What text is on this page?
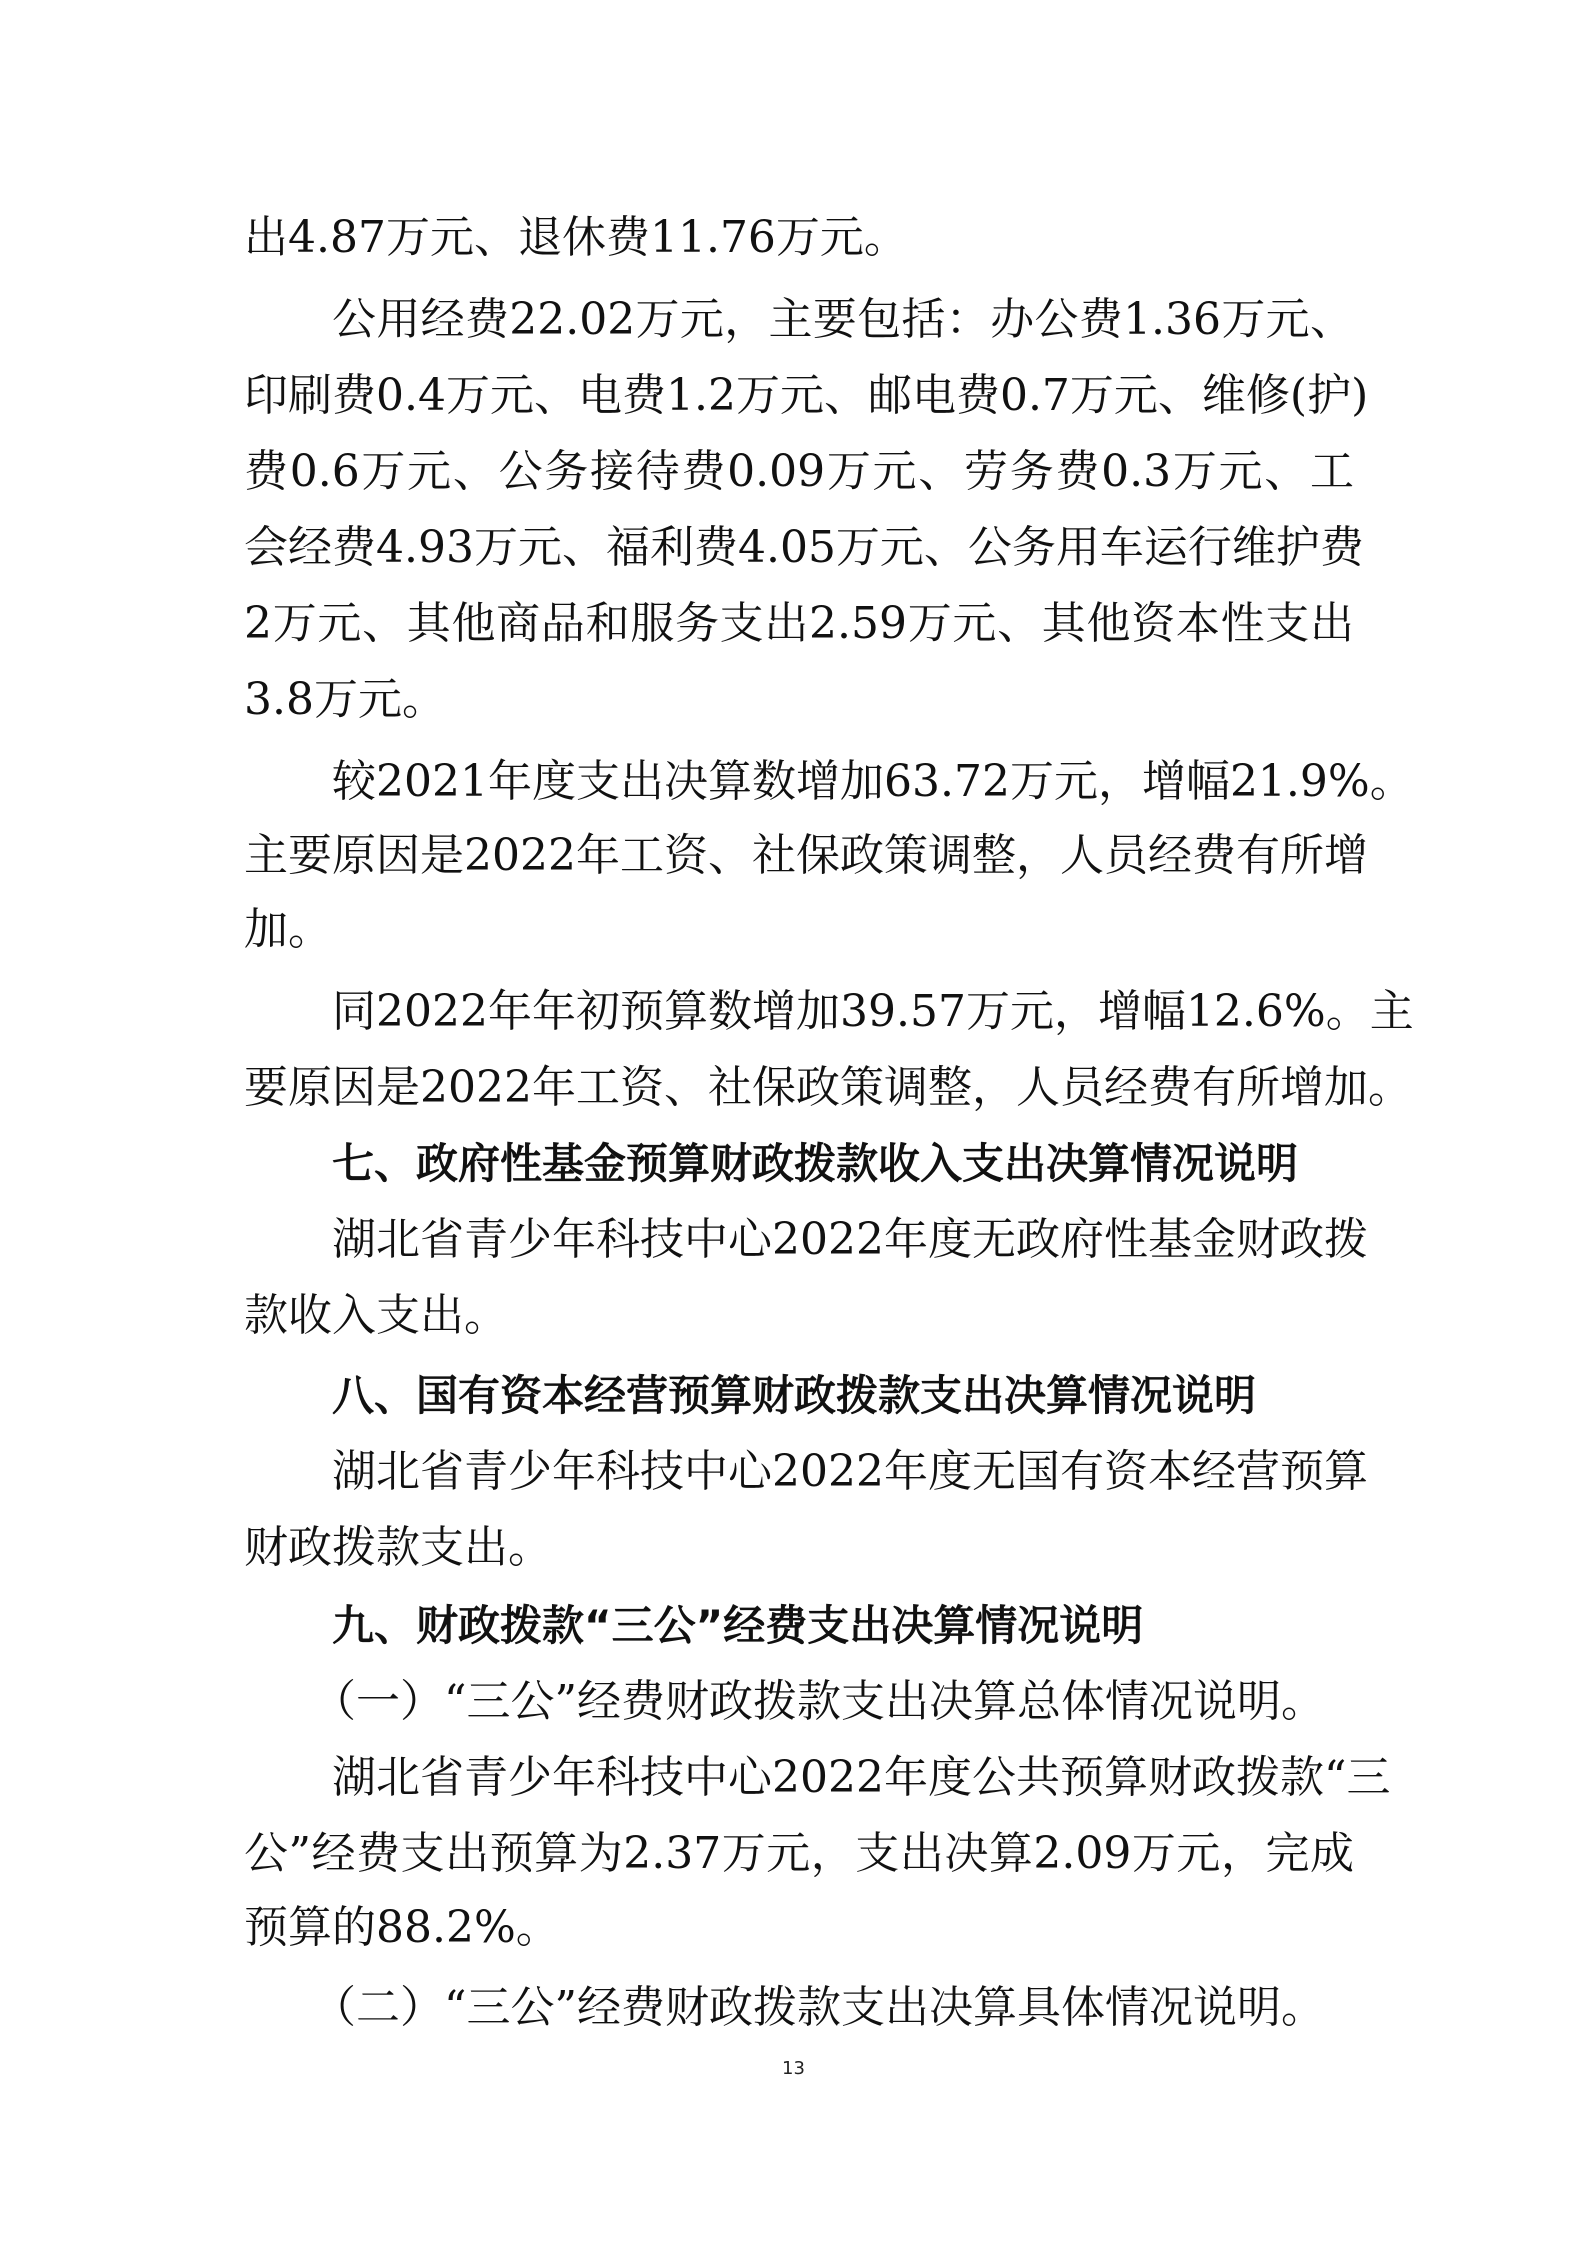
出4.87万元、退休费11.76万元。
公用经费22.02万元，主要包括：办公费1.36万元、
印刷费0.4万元、电费1.2万元、邮电费0.7万元、维修(护)
费0.6万元、公务接待费0.09万元、劳务费0.3万元、工
会经费4.93万元、福利费4.05万元、公务用车运行维护费
2万元、其他商品和服务支出2.59万元、其他资本性支出
3.8万元。
较2021年度支出决算数增加63.72万元，增幅21.9%。
主要原因是2022年工资、社保政策调整，人员经费有所增
加。
同2022年年初预算数增加39.57万元，增幅12.6%。主
要原因是2022年工资、社保政策调整，人员经费有所增加。
七、政府性基金预算财政拨款收入支出决算情况说明
湖北省青少年科技中心2022年度无政府性基金财政拨
款收入支出。
八、国有资本经营预算财政拨款支出决算情况说明
湖北省青少年科技中心2022年度无国有资本经营预算
财政拨款支出。
九、财政拨款“三公”经费支出决算情况说明
（一）“三公”经费财政拨款支出决算总体情况说明。
湖北省青少年科技中心2022年度公共预算财政拨款“三
公”经费支出预算为2.37万元，支出决算2.09万元，完成
预算的88.2%。
（二）“三公”经费财政拨款支出决算具体情况说明。
13
